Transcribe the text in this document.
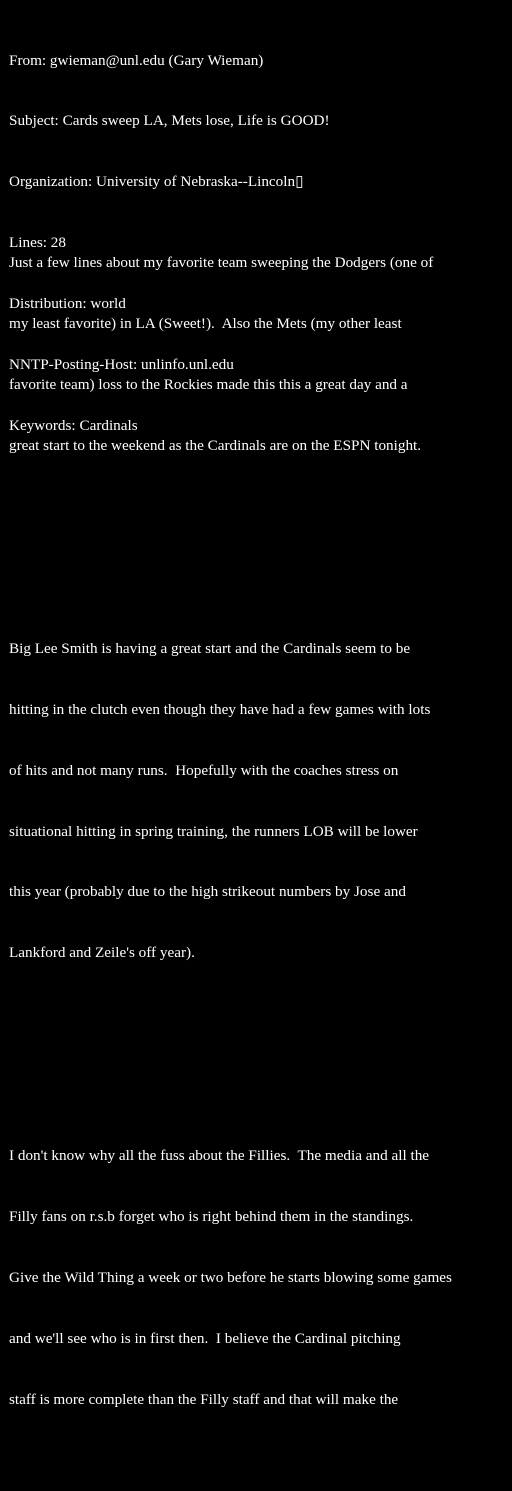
From: gwieman@unl.edu (Gary Wieman)

Subject: Cards sweep LA, Mets lose, Life is GOOD!

Organization: University of Nebraska--Lincoln▯

Lines: 28

Distribution: world

NNTP-Posting-Host: unlinfo.unl.edu

Keywords: Cardinals

Just a few lines about my favorite team sweeping the Dodgers (one of

my least favorite) in LA (Sweet!).  Also the Mets (my other least

favorite team) loss to the Rockies made this this a great day and a

great start to the weekend as the Cardinals are on the ESPN tonight.

Big Lee Smith is having a great start and the Cardinals seem to be

hitting in the clutch even though they have had a few games with lots

of hits and not many runs.  Hopefully with the coaches stress on

situational hitting in spring training, the runners LOB will be lower

this year (probably due to the high strikeout numbers by Jose and

Lankford and Zeile's off year).

I don't know why all the fuss about the Fillies.  The media and all the

Filly fans on r.s.b forget who is right behind them in the standings.

Give the Wild Thing a week or two before he starts blowing some games

and we'll see who is in first then.  I believe the Cardinal pitching

staff is more complete than the Filly staff and that will make the
